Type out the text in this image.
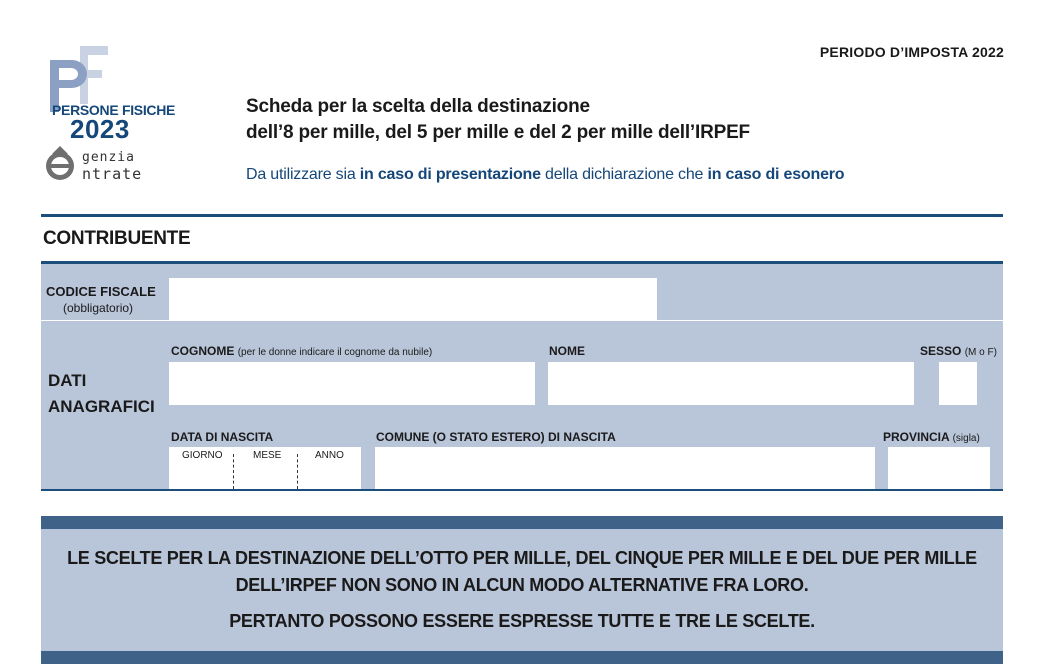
PERIODO D’IMPOSTA 2022
PERSONE FISICHE
2023
genzia
ntrate
Scheda per la scelta della destinazione
dell’8 per mille, del 5 per mille e del 2 per mille dell’IRPEF
Da utilizzare sia in caso di presentazione della dichiarazione che in caso di esonero
CONTRIBUENTE
CODICE FISCALE
(obbligatorio)
DATI
ANAGRAFICI
COGNOME (per le donne indicare il cognome da nubile)	NOME	SESSO (M o F)
DATA DI NASCITA	COMUNE (O STATO ESTERO) DI NASCITA	PROVINCIA (sigla)
GIORNO	MESE	ANNO

LE SCELTE PER LA DESTINAZIONE DELL’OTTO PER MILLE, DEL CINQUE PER MILLE E DEL DUE PER MILLE

DELL’IRPEF NON SONO IN ALCUN MODO ALTERNATIVE FRA LORO.

PERTANTO POSSONO ESSERE ESPRESSE TUTTE E TRE LE SCELTE.
